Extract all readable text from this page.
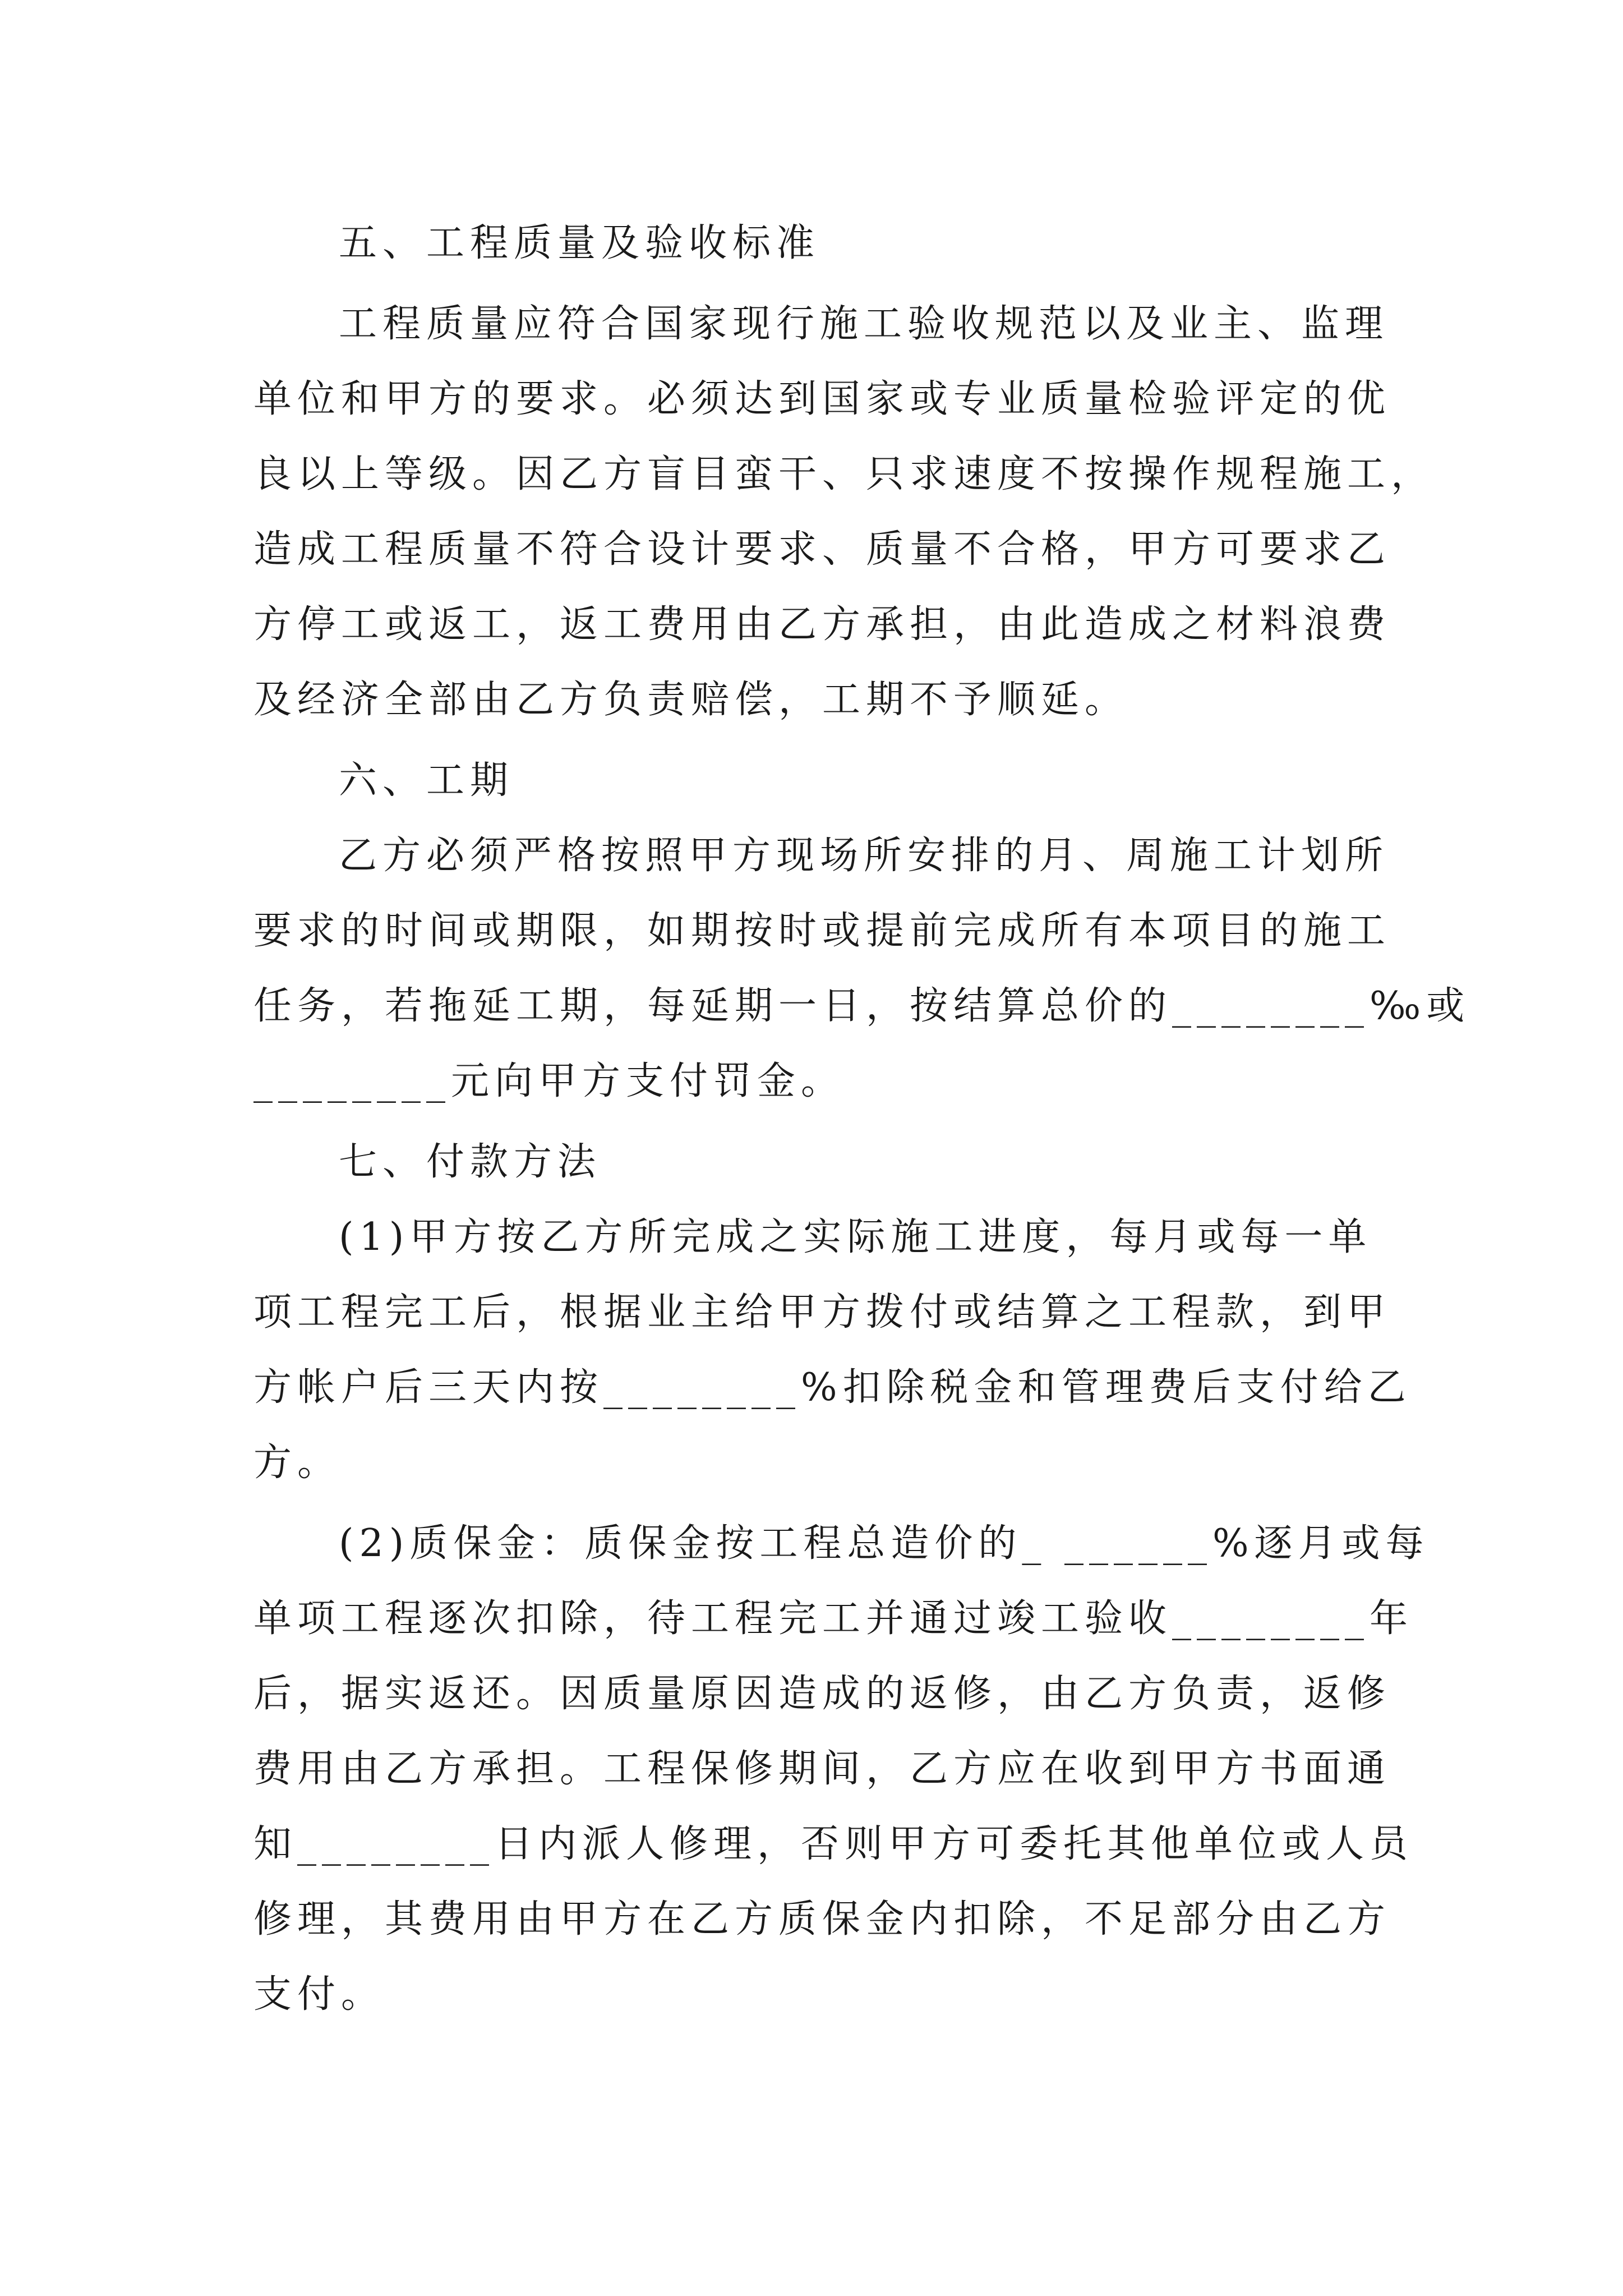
五、工程质量及验收标准
工程质量应符合国家现行施工验收规范以及业主、监理
单位和甲方的要求。必须达到国家或专业质量检验评定的优
良以上等级。因乙方盲目蛮干、只求速度不按操作规程施工，
造成工程质量不符合设计要求、质量不合格，甲方可要求乙
方停工或返工，返工费用由乙方承担，由此造成之材料浪费
及经济全部由乙方负责赔偿，工期不予顺延。
六、工期
乙方必须严格按照甲方现场所安排的月、周施工计划所
要求的时间或期限，如期按时或提前完成所有本项目的施工
任务，若拖延工期，每延期一日，按结算总价的________‰或
________元向甲方支付罚金。
七、付款方法
(1)甲方按乙方所完成之实际施工进度，每月或每一单
项工程完工后，根据业主给甲方拨付或结算之工程款，到甲
方帐户后三天内按________%扣除税金和管理费后支付给乙
方。
(2)质保金：质保金按工程总造价的_ ______%逐月或每
单项工程逐次扣除，待工程完工并通过竣工验收________年
后，据实返还。因质量原因造成的返修，由乙方负责，返修
费用由乙方承担。工程保修期间，乙方应在收到甲方书面通
知________日内派人修理，否则甲方可委托其他单位或人员
修理，其费用由甲方在乙方质保金内扣除，不足部分由乙方
支付。
